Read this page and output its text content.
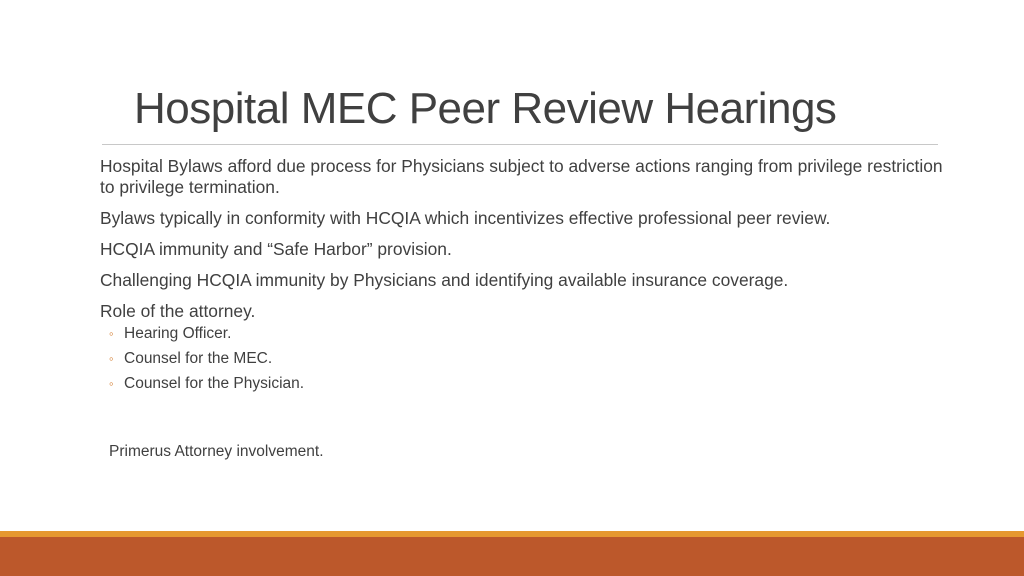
Hospital MEC Peer Review Hearings

Hospital Bylaws afford due process for Physicians subject to adverse actions ranging from privilege restriction to privilege termination.

Bylaws typically in conformity with HCQIA which incentivizes effective professional peer review.

HCQIA immunity and “Safe Harbor” provision.

Challenging HCQIA immunity by Physicians and identifying available insurance coverage.

Role of the attorney.

◦ Hearing Officer.
◦ Counsel for the MEC.
◦ Counsel for the Physician.
Primerus Attorney involvement.
